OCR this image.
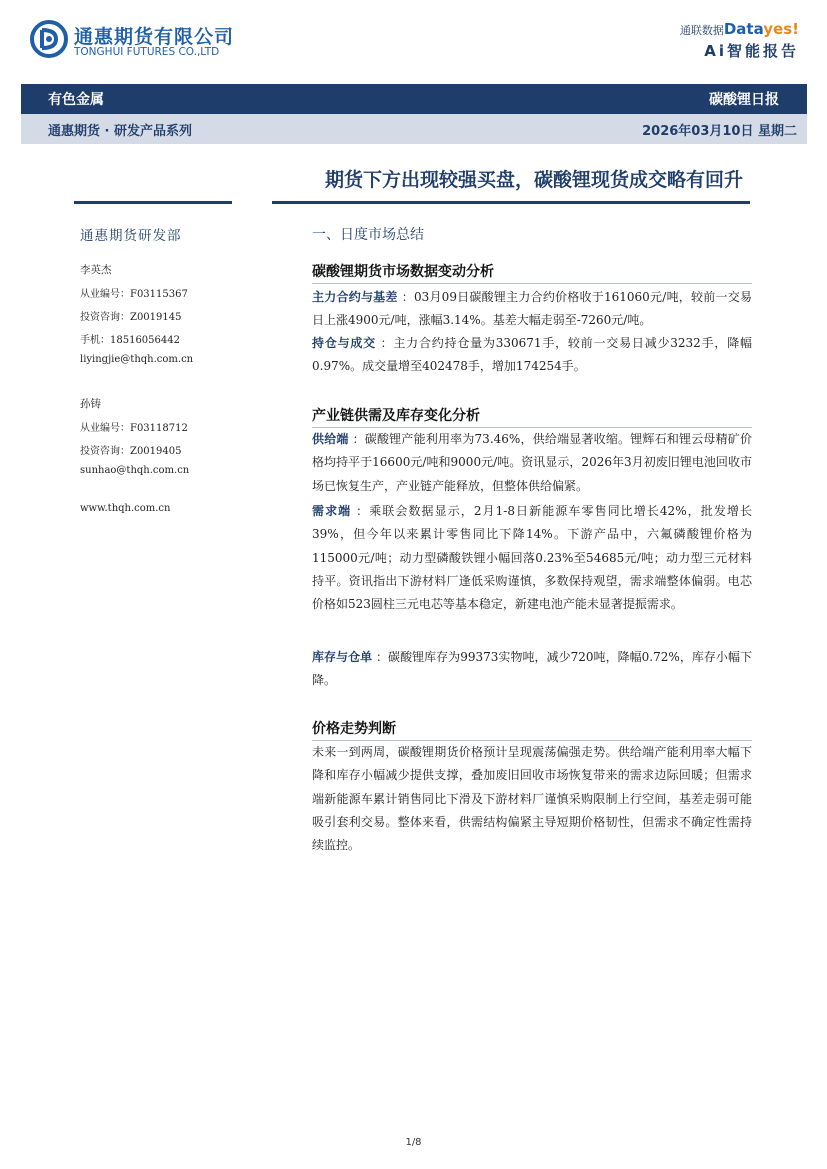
通惠期货有限公司
TONGHUI FUTURES CO.,LTD
通联数据Datayes!
Ai智能报告
有色金属	碳酸锂日报
通惠期货 · 研发产品系列	2026年03月10日 星期二
期货下方出现较强买盘，碳酸锂现货成交略有回升
通惠期货研发部
李英杰
从业编号：F03115367
投资咨询：Z0019145
手机：18516056442
liyingjie@thqh.com.cn
孙铸
从业编号：F03118712
投资咨询：Z0019405
sunhao@thqh.com.cn
www.thqh.com.cn
一、日度市场总结
碳酸锂期货市场数据变动分析
主力合约与基差 ：03月09日碳酸锂主力合约价格收于161060元/吨，较前一交易日上涨4900元/吨，涨幅3.14%。基差大幅走弱至-7260元/吨。
持仓与成交 ：主力合约持仓量为330671手，较前一交易日减少3232手，降幅0.97%。成交量增至402478手，增加174254手。
产业链供需及库存变化分析
供给端 ：碳酸锂产能利用率为73.46%，供给端显著收缩。锂辉石和锂云母精矿价格均持平于16600元/吨和9000元/吨。资讯显示，2026年3月初废旧锂电池回收市场已恢复生产，产业链产能释放，但整体供给偏紧。
需求端 ：乘联会数据显示，2月1-8日新能源车零售同比增长42%，批发增长39%，但今年以来累计零售同比下降14%。下游产品中，六氟磷酸锂价格为115000元/吨；动力型磷酸铁锂小幅回落0.23%至54685元/吨；动力型三元材料持平。资讯指出下游材料厂逢低采购谨慎，多数保持观望，需求端整体偏弱。电芯价格如523圆柱三元电芯等基本稳定，新建电池产能未显著提振需求。
库存与仓单 ：碳酸锂库存为99373实物吨，减少720吨，降幅0.72%，库存小幅下降。
价格走势判断
未来一到两周，碳酸锂期货价格预计呈现震荡偏强走势。供给端产能利用率大幅下降和库存小幅减少提供支撑，叠加废旧回收市场恢复带来的需求边际回暖；但需求端新能源车累计销售同比下滑及下游材料厂谨慎采购限制上行空间，基差走弱可能吸引套利交易。整体来看，供需结构偏紧主导短期价格韧性，但需求不确定性需持续监控。
1/8
